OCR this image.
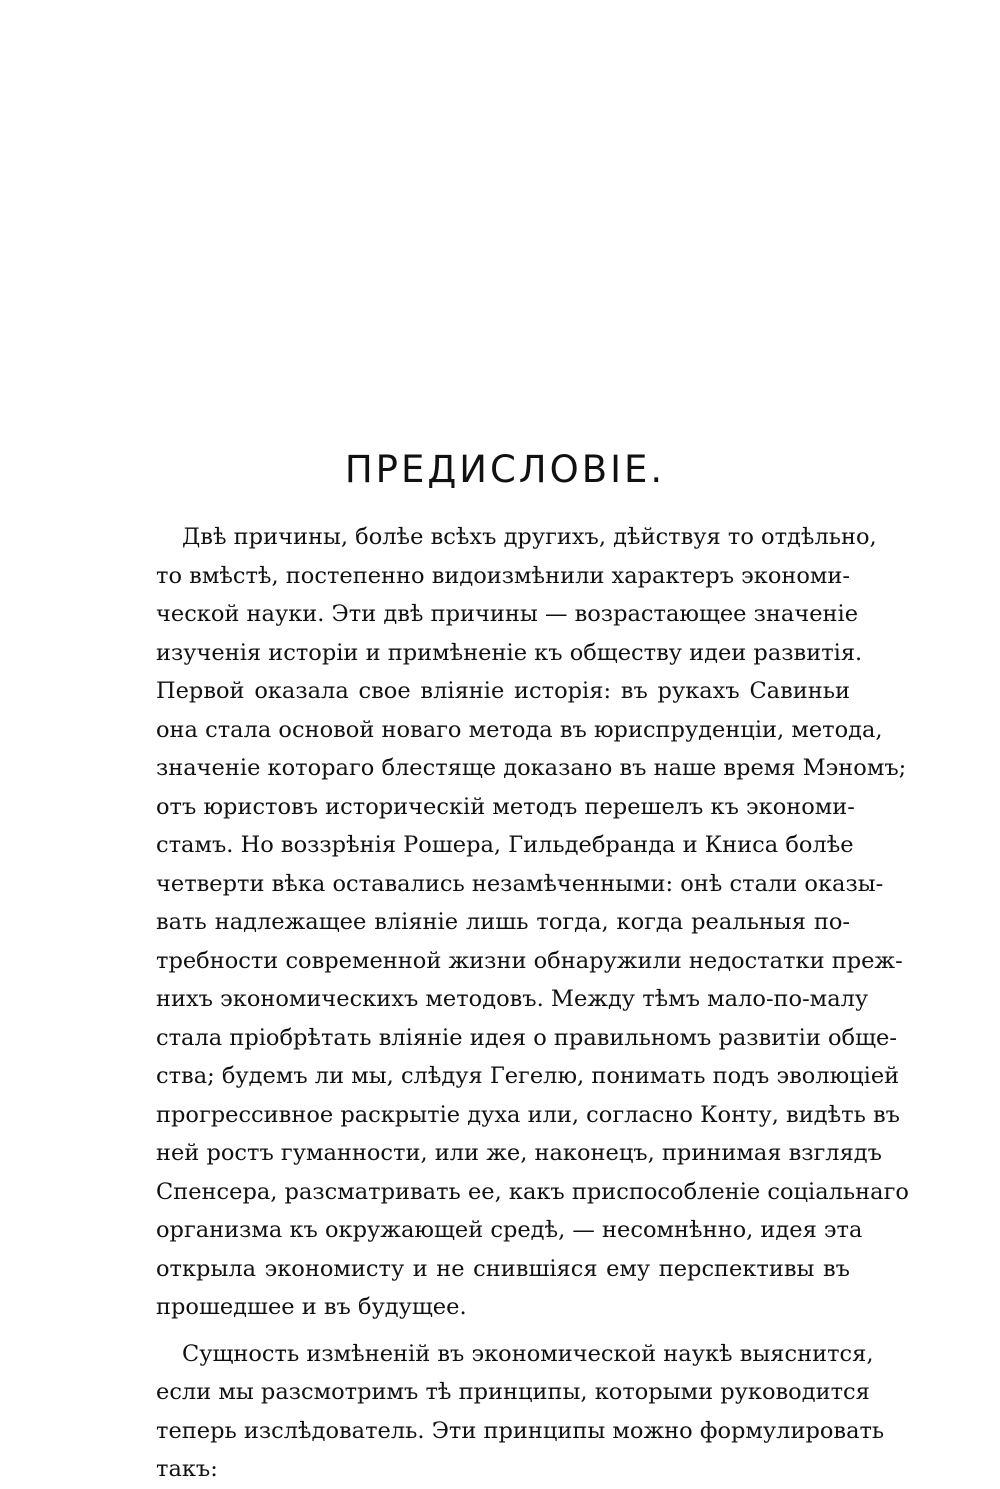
ПРЕДИСЛОВІЕ.
Двѣ причины, болѣе всѣхъ другихъ, дѣйствуя то отдѣльно,
то вмѣстѣ, постепенно видоизмѣнили характеръ экономи-
ческой науки. Эти двѣ причины — возрастающее значеніе
изученія исторіи и примѣненіе къ обществу идеи развитія.
Первой оказала свое вліяніе исторія: въ рукахъ Савиньи
она стала основой новаго метода въ юриспруденціи, метода,
значеніе котораго блестяще доказано въ наше время Мэномъ;
отъ юристовъ историческій методъ перешелъ къ экономи-
стамъ. Но воззрѣнія Рошера, Гильдебранда и Книса болѣе
четверти вѣка оставались незамѣченными: онѣ стали оказы-
вать надлежащее вліяніе лишь тогда, когда реальныя по-
требности современной жизни обнаружили недостатки преж-
нихъ экономическихъ методовъ. Между тѣмъ мало-по-малу
стала пріобрѣтать вліяніе идея о правильномъ развитіи обще-
ства; будемъ ли мы, слѣдуя Гегелю, понимать подъ эволюціей
прогрессивное раскрытіе духа или, согласно Конту, видѣть въ
ней ростъ гуманности, или же, наконецъ, принимая взглядъ
Спенсера, разсматривать ее, какъ приспособленіе соціальнаго
организма къ окружающей средѣ, — несомнѣнно, идея эта
открыла экономисту и не снившіяся ему перспективы въ
прошедшее и въ будущее.
Сущность измѣненій въ экономической наукѣ выяснится,
если мы разсмотримъ тѣ принципы, которыми руководится
теперь изслѣдователь. Эти принципы можно формулировать
такъ:
